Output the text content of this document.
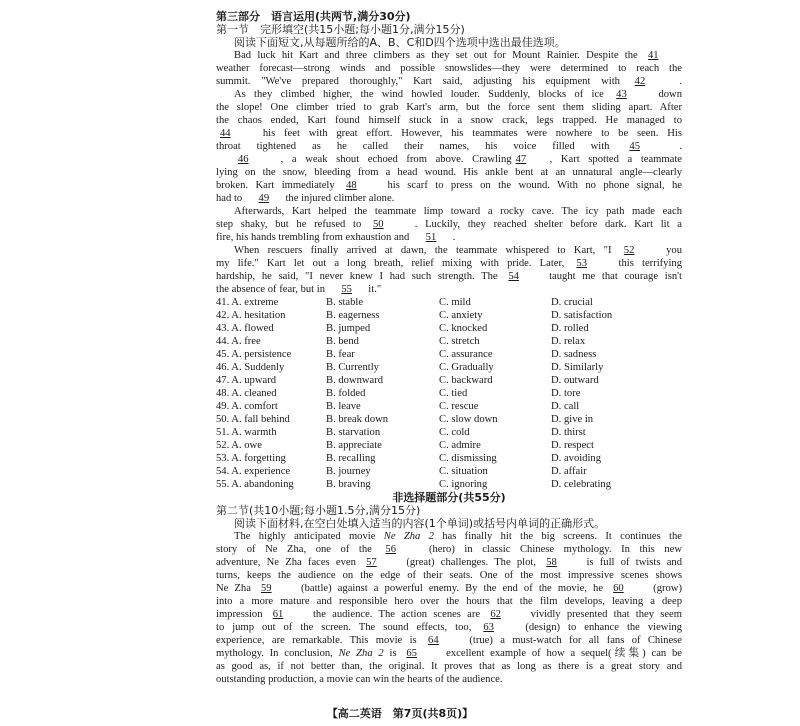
第三部分　语言运用(共两节,满分30分)
第一节　完形填空(共15小题;每小题1分,满分15分)
阅读下面短文,从每题所给的A、B、C和D四个选项中选出最佳选项。
Bad luck hit Kart and three climbers as they set out for Mount Rainier. Despite the 41
weather forecast—strong winds and possible snowslides—they were determined to reach the
summit. "We've prepared thoroughly," Kart said, adjusting his equipment with 42 .
As they climbed higher, the wind howled louder. Suddenly, blocks of ice 43 down
the slope! One climber tried to grab Kart's arm, but the force sent them sliding apart. After
the chaos ended, Kart found himself stuck in a snow crack, legs trapped. He managed to
44 his feet with great effort. However, his teammates were nowhere to be seen. His
throat tightened as he called their names, his voice filled with 45 .
46 , a weak shout echoed from above. Crawling 47 , Kart spotted a teammate
lying on the snow, bleeding from a head wound. His ankle bent at an unnatural angle—clearly
broken. Kart immediately 48 his scarf to press on the wound. With no phone signal, he
had to 49 the injured climber alone.
Afterwards, Kart helped the teammate limp toward a rocky cave. The icy path made each
step shaky, but he refused to 50 . Luckily, they reached shelter before dark. Kart lit a
fire, his hands trembling from exhaustion and 51 .
When rescuers finally arrived at dawn, the teammate whispered to Kart, "I 52 you
my life." Kart let out a long breath, relief mixing with pride. Later, 53 this terrifying
hardship, he said, "I never knew I had such strength. The 54 taught me that courage isn't
the absence of fear, but in 55 it."
41. A. extreme	B. stable	C. mild	D. crucial
42. A. hesitation	B. eagerness	C. anxiety	D. satisfaction
43. A. flowed	B. jumped	C. knocked	D. rolled
44. A. free	B. bend	C. stretch	D. relax
45. A. persistence	B. fear	C. assurance	D. sadness
46. A. Suddenly	B. Currently	C. Gradually	D. Similarly
47. A. upward	B. downward	C. backward	D. outward
48. A. cleaned	B. folded	C. tied	D. tore
49. A. comfort	B. leave	C. rescue	D. call
50. A. fall behind	B. break down	C. slow down	D. give in
51. A. warmth	B. starvation	C. cold	D. thirst
52. A. owe	B. appreciate	C. admire	D. respect
53. A. forgetting	B. recalling	C. dismissing	D. avoiding
54. A. experience	B. journey	C. situation	D. affair
55. A. abandoning	B. braving	C. ignoring	D. celebrating
非选择题部分(共55分)
第二节(共10小题;每小题1.5分,满分15分)
阅读下面材料,在空白处填入适当的内容(1个单词)或括号内单词的正确形式。
The highly anticipated movie Ne Zha 2 has finally hit the big screens. It continues the
story of Ne Zha, one of the 56 (hero) in classic Chinese mythology. In this new
adventure, Ne Zha faces even 57 (great) challenges. The plot, 58 is full of twists and
turns, keeps the audience on the edge of their seats. One of the most impressive scenes shows
Ne Zha 59 (battle) against a powerful enemy. By the end of the movie, he 60 (grow)
into a more mature and responsible hero over the hours that the film develops, leaving a deep
impression 61 the audience. The action scenes are 62 vividly presented that they seem
to jump out of the screen. The sound effects, too, 63 (design) to enhance the viewing
experience, are remarkable. This movie is 64 (true) a must-watch for all fans of Chinese
mythology. In conclusion, Ne Zha 2 is 65 excellent example of how a sequel(续集) can be
as good as, if not better than, the original. It proves that as long as there is a great story and
outstanding production, a movie can win the hearts of the audience.
【高二英语　第7页(共8页)】
